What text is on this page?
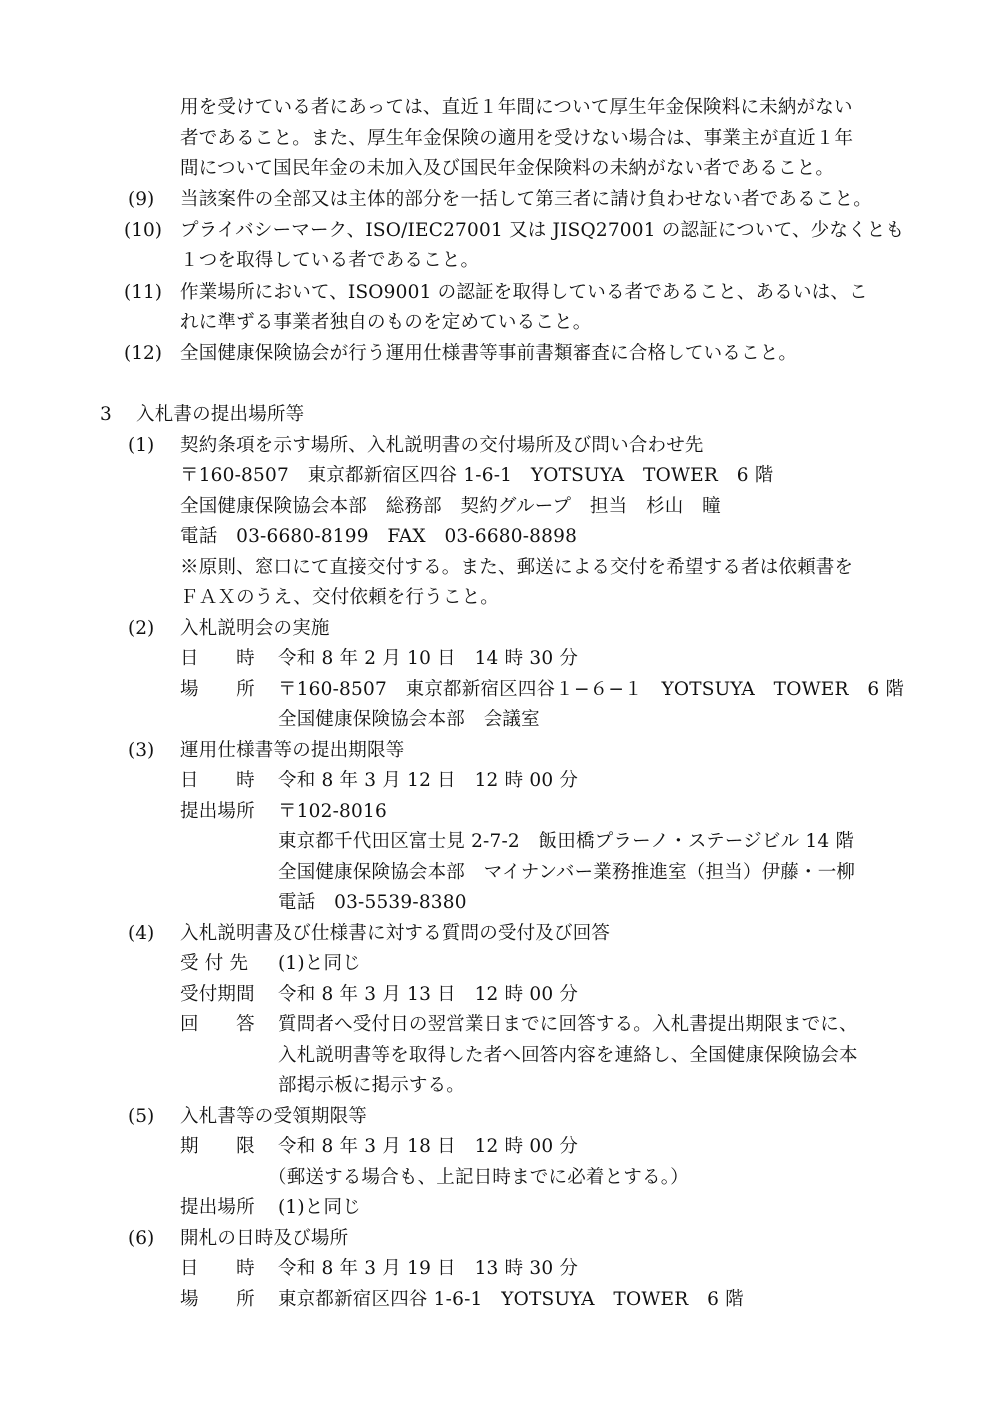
用を受けている者にあっては、直近１年間について厚生年金保険料に未納がない
者であること。また、厚生年金保険の適用を受けない場合は、事業主が直近１年
間について国民年金の未加入及び国民年金保険料の未納がない者であること。
(9) 当該案件の全部又は主体的部分を一括して第三者に請け負わせない者であること。
(10) プライバシーマーク、ISO/IEC27001 又は JISQ27001 の認証について、少なくとも
１つを取得している者であること。
(11) 作業場所において、ISO9001 の認証を取得している者であること、あるいは、こ
れに準ずる事業者独自のものを定めていること。
(12) 全国健康保険協会が行う運用仕様書等事前書類審査に合格していること。
3 入札書の提出場所等
(1) 契約条項を示す場所、入札説明書の交付場所及び問い合わせ先
〒160-8507　東京都新宿区四谷 1-6-1　YOTSUYA　TOWER　6 階
全国健康保険協会本部　総務部　契約グループ　担当　杉山　瞳
電話　03-6680-8199　FAX　03-6680-8898
※原則、窓口にて直接交付する。また、郵送による交付を希望する者は依頼書を
ＦＡＸのうえ、交付依頼を行うこと。
(2) 入札説明会の実施
日　　時 令和 8 年 2 月 10 日　14 時 30 分
場　　所 〒160-8507　東京都新宿区四谷１−６−１　YOTSUYA　TOWER　6 階
全国健康保険協会本部　会議室
(3) 運用仕様書等の提出期限等
日　　時 令和 8 年 3 月 12 日　12 時 00 分
提出場所 〒102-8016
東京都千代田区富士見 2-7-2　飯田橋プラーノ・ステージビル 14 階
全国健康保険協会本部　マイナンバー業務推進室（担当）伊藤・一柳
電話　03-5539-8380
(4) 入札説明書及び仕様書に対する質問の受付及び回答
受 付 先 (1)と同じ
受付期間 令和 8 年 3 月 13 日　12 時 00 分
回　　答 質問者へ受付日の翌営業日までに回答する。入札書提出期限までに、
入札説明書等を取得した者へ回答内容を連絡し、全国健康保険協会本
部掲示板に掲示する。
(5) 入札書等の受領期限等
期　　限 令和 8 年 3 月 18 日　12 時 00 分
（郵送する場合も、上記日時までに必着とする。）
提出場所 (1)と同じ
(6) 開札の日時及び場所
日　　時 令和 8 年 3 月 19 日　13 時 30 分
場　　所 東京都新宿区四谷 1-6-1　YOTSUYA　TOWER　6 階
